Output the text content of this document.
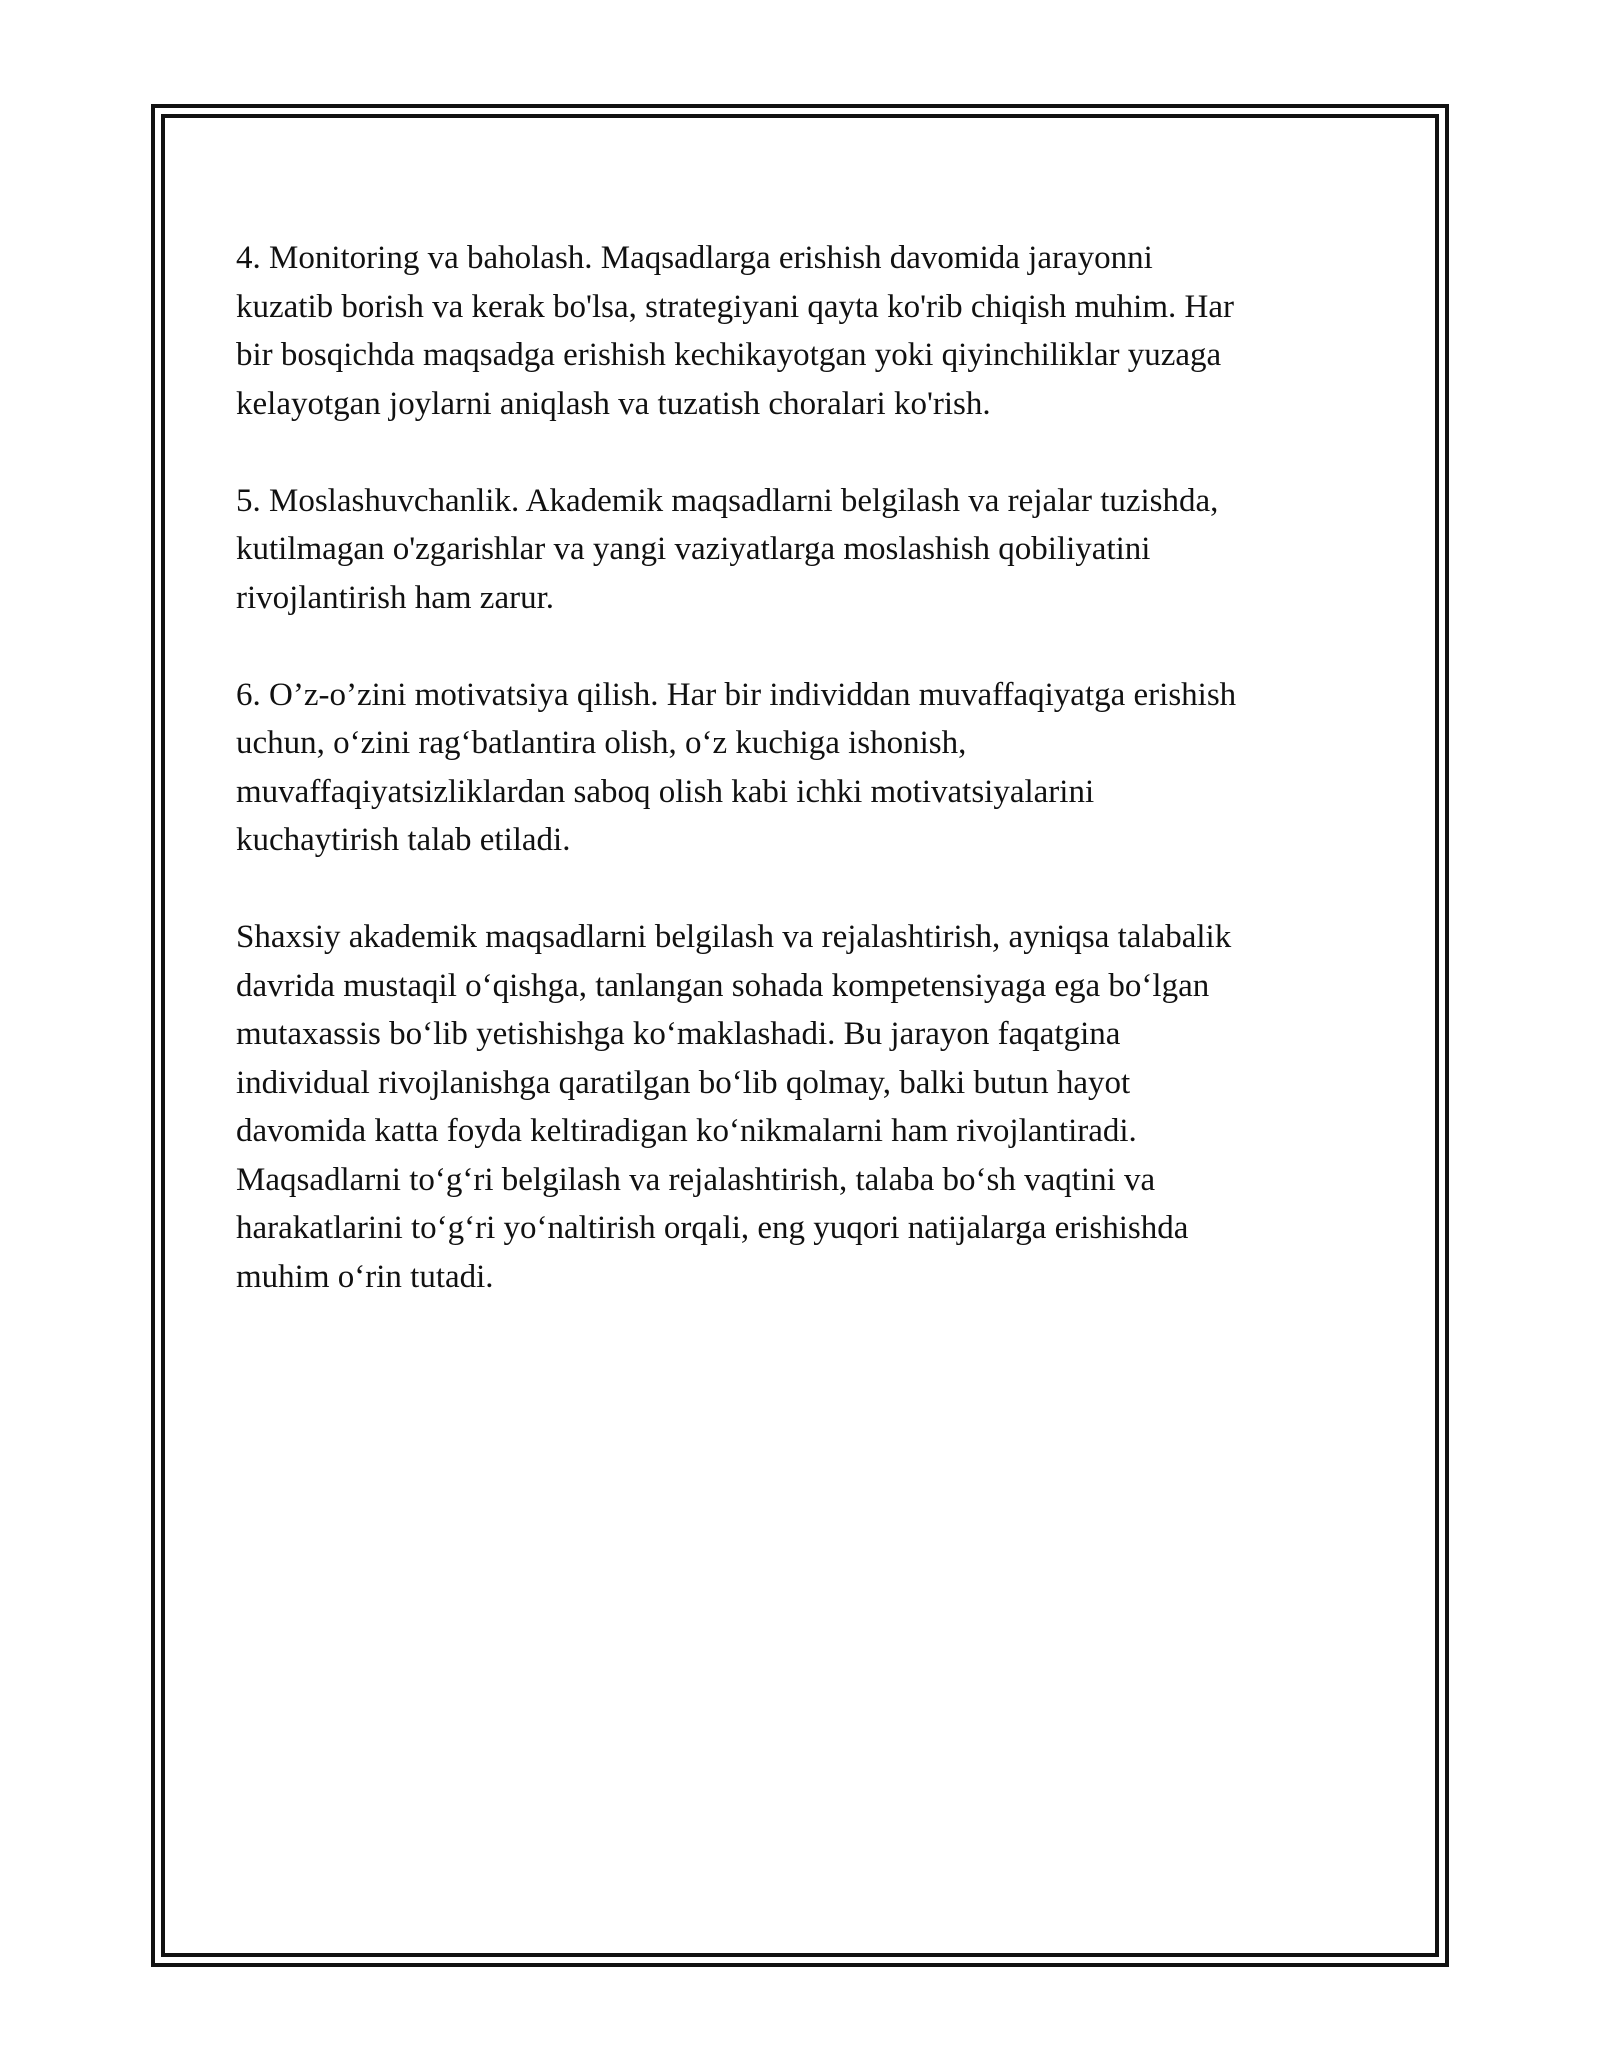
4. Monitoring va baholash. Maqsadlarga erishish davomida jarayonni
kuzatib borish va kerak bo'lsa, strategiyani qayta ko'rib chiqish muhim. Har
bir bosqichda maqsadga erishish kechikayotgan yoki qiyinchiliklar yuzaga
kelayotgan joylarni aniqlash va tuzatish choralari ko'rish.

5. Moslashuvchanlik. Akademik maqsadlarni belgilash va rejalar tuzishda,
kutilmagan o'zgarishlar va yangi vaziyatlarga moslashish qobiliyatini
rivojlantirish ham zarur.

6. O’z-o’zini motivatsiya qilish. Har bir individdan muvaffaqiyatga erishish
uchun, o‘zini rag‘batlantira olish, o‘z kuchiga ishonish,
muvaffaqiyatsizliklardan saboq olish kabi ichki motivatsiyalarini
kuchaytirish talab etiladi.

Shaxsiy akademik maqsadlarni belgilash va rejalashtirish, ayniqsa talabalik
davrida mustaqil o‘qishga, tanlangan sohada kompetensiyaga ega bo‘lgan
mutaxassis bo‘lib yetishishga ko‘maklashadi. Bu jarayon faqatgina
individual rivojlanishga qaratilgan bo‘lib qolmay, balki butun hayot
davomida katta foyda keltiradigan ko‘nikmalarni ham rivojlantiradi.
Maqsadlarni to‘g‘ri belgilash va rejalashtirish, talaba bo‘sh vaqtini va
harakatlarini to‘g‘ri yo‘naltirish orqali, eng yuqori natijalarga erishishda
muhim o‘rin tutadi.
